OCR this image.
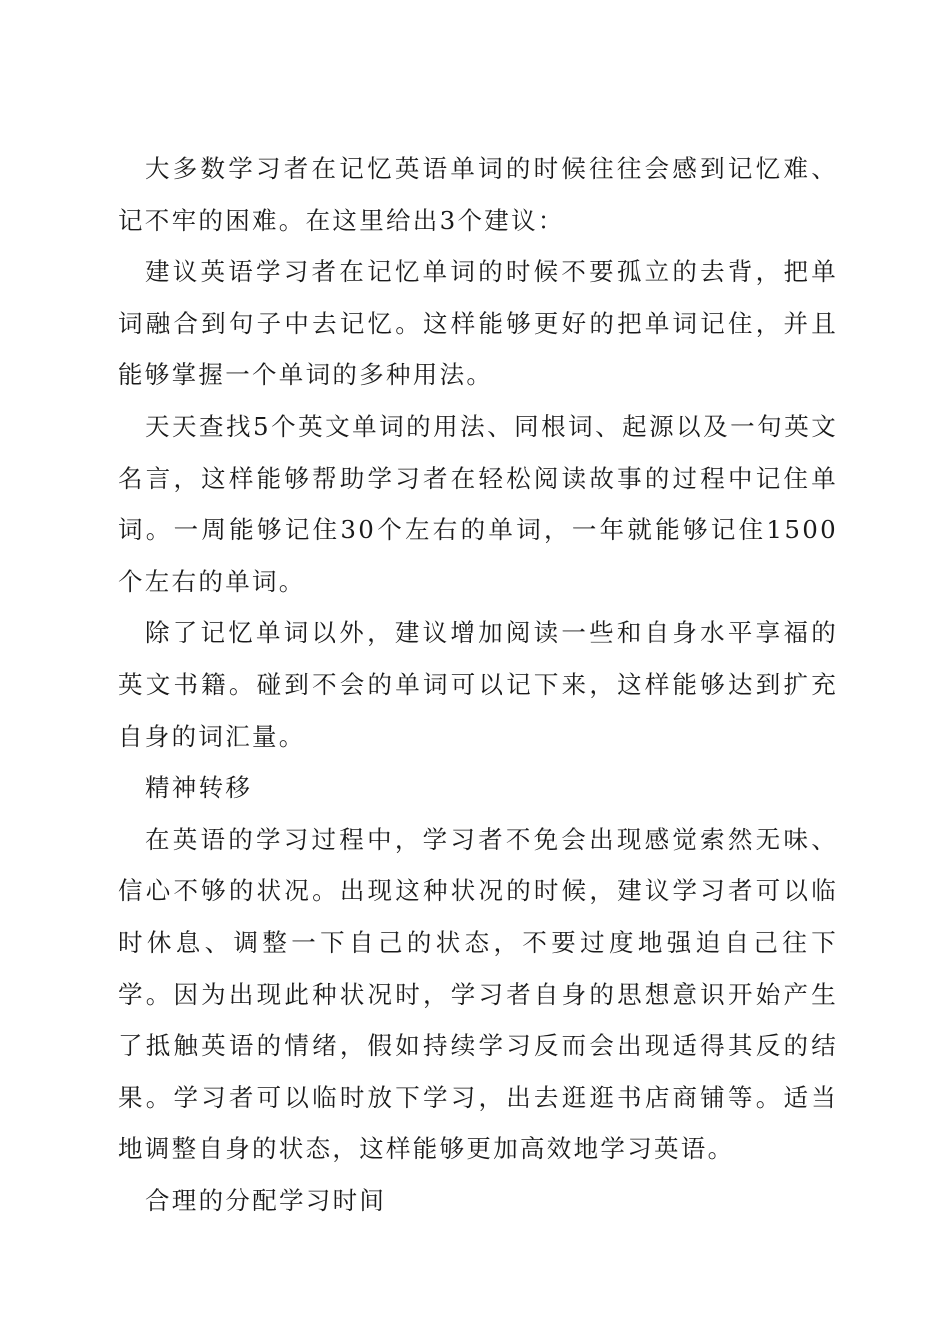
大多数学习者在记忆英语单词的时候往往会感到记忆难、记不牢的困难。在这里给出3个建议：

建议英语学习者在记忆单词的时候不要孤立的去背，把单词融合到句子中去记忆。这样能够更好的把单词记住，并且能够掌握一个单词的多种用法。

天天查找5个英文单词的用法、同根词、起源以及一句英文名言，这样能够帮助学习者在轻松阅读故事的过程中记住单词。一周能够记住30个左右的单词，一年就能够记住1500个左右的单词。

除了记忆单词以外，建议增加阅读一些和自身水平享福的英文书籍。碰到不会的单词可以记下来，这样能够达到扩充自身的词汇量。

精神转移

在英语的学习过程中，学习者不免会出现感觉索然无味、信心不够的状况。出现这种状况的时候，建议学习者可以临时休息、调整一下自己的状态，不要过度地强迫自己往下学。因为出现此种状况时，学习者自身的思想意识开始产生了抵触英语的情绪，假如持续学习反而会出现适得其反的结果。学习者可以临时放下学习，出去逛逛书店商铺等。适当地调整自身的状态，这样能够更加高效地学习英语。

合理的分配学习时间
